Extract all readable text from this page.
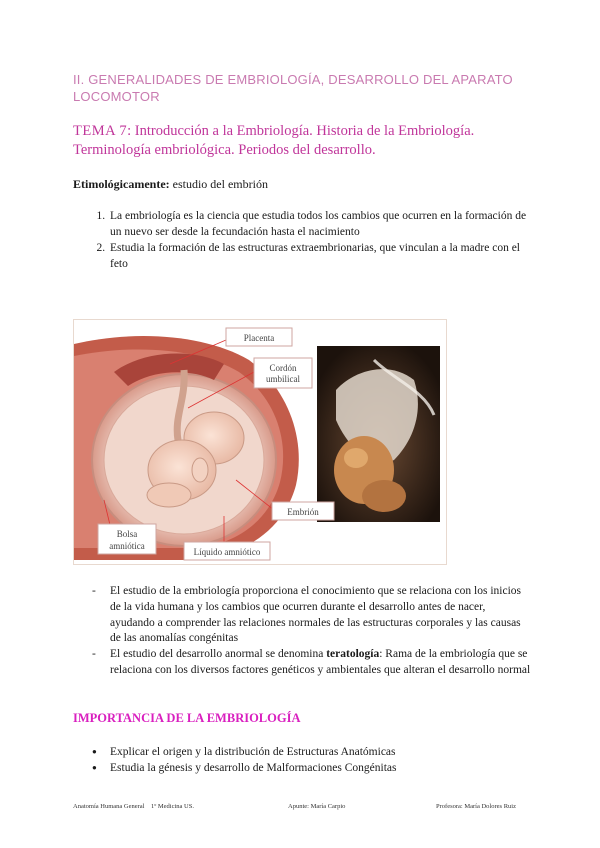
II. GENERALIDADES DE EMBRIOLOGÍA, DESARROLLO DEL APARATO LOCOMOTOR
TEMA 7: Introducción a la Embriología. Historia de la Embriología. Terminología embriológica. Periodos del desarrollo.
Etimológicamente: estudio del embrión
1. La embriología es la ciencia que estudia todos los cambios que ocurren en la formación de un nuevo ser desde la fecundación hasta el nacimiento
2. Estudia la formación de las estructuras extraembrionarias, que vinculan a la madre con el feto
Placenta
Cordón
umbilical
Embrión
Bolsa
amniótica
Líquido amniótico
- El estudio de la embriología proporciona el conocimiento que se relaciona con los inicios de la vida humana y los cambios que ocurren durante el desarrollo antes de nacer, ayudando a comprender las relaciones normales de las estructuras corporales y las causas de las anomalías congénitas
- El estudio del desarrollo anormal se denomina teratología: Rama de la embriología que se relaciona con los diversos factores genéticos y ambientales que alteran el desarrollo normal
IMPORTANCIA DE LA EMBRIOLOGÍA
● Explicar el origen y la distribución de Estructuras Anatómicas
● Estudia la génesis y desarrollo de Malformaciones Congénitas
Anatomía Humana General    1º Medicina US.	Apunte: María Carpio	Profesora: María Dolores Ruiz
